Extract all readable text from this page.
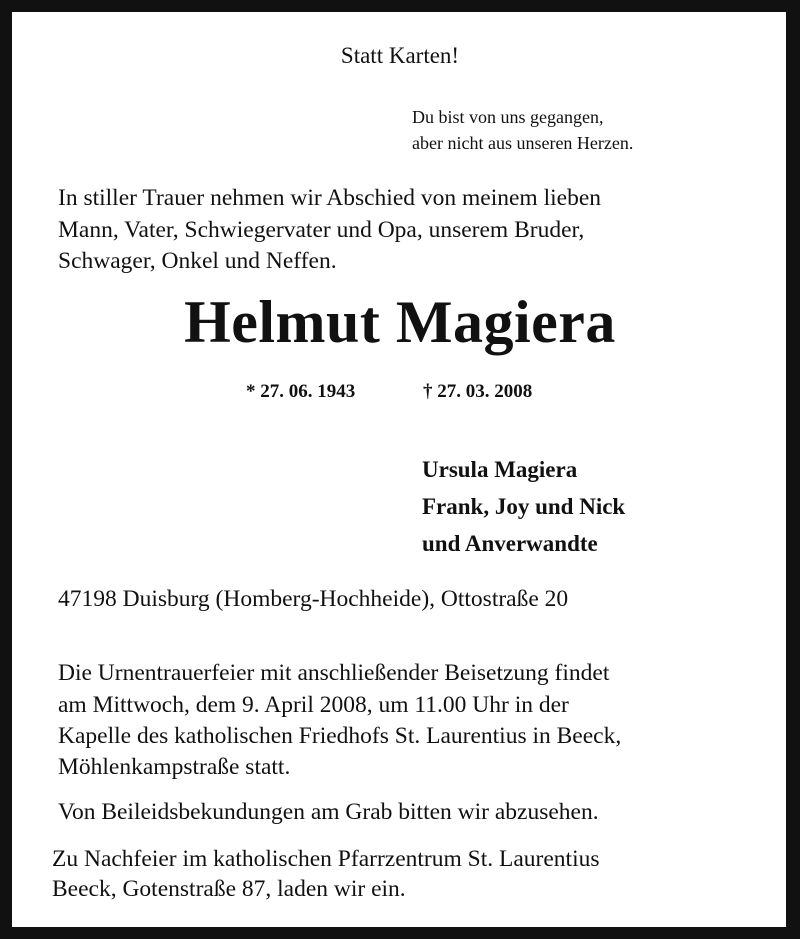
Statt Karten!

Du bist von uns gegangen,

aber nicht aus unseren Herzen.

In stiller Trauer nehmen wir Abschied von meinem lieben

Mann, Vater, Schwiegervater und Opa, unserem Bruder,

Schwager, Onkel und Neffen.

Helmut Magiera

* 27. 06. 1943	† 27. 03. 2008

Ursula Magiera

Frank, Joy und Nick

und Anverwandte

47198 Duisburg (Homberg-Hochheide), Ottostraße 20

Die Urnentrauerfeier mit anschließender Beisetzung findet

am Mittwoch, dem 9. April 2008, um 11.00 Uhr in der

Kapelle des katholischen Friedhofs St. Laurentius in Beeck,

Möhlenkampstraße statt.

Von Beileidsbekundungen am Grab bitten wir abzusehen.

Zu Nachfeier im katholischen Pfarrzentrum St. Laurentius

Beeck, Gotenstraße 87, laden wir ein.
